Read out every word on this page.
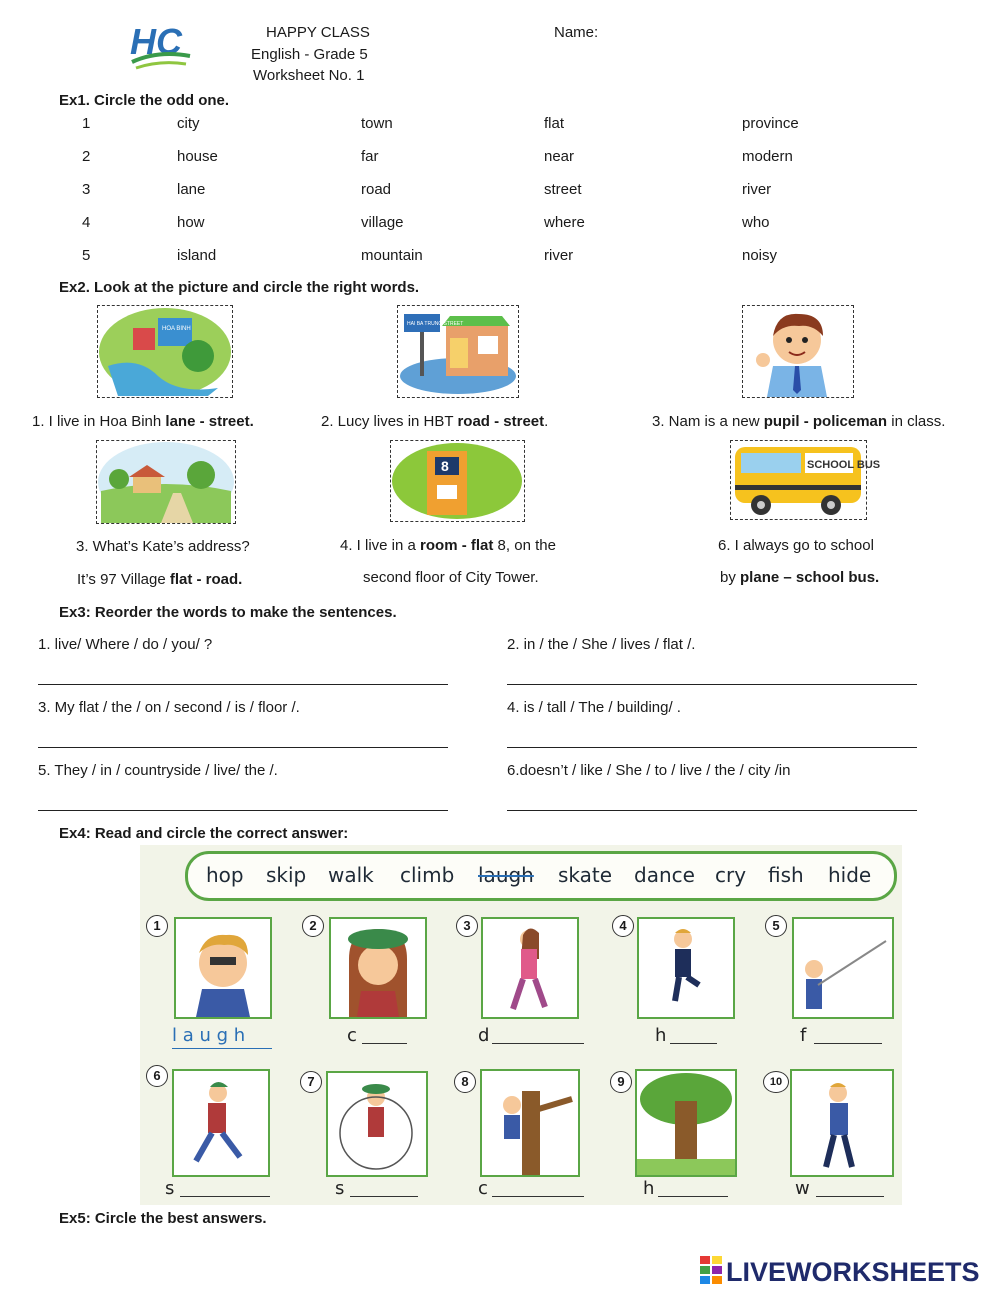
HC	HAPPY CLASS
English - Grade 5
Worksheet No. 1
Name:
Ex1. Circle the odd one.
1	city	town	flat	province
2	house	far	near	modern
3	lane	road	street	river
4	how	village	where	who
5	island	mountain	river	noisy
Ex2. Look at the picture and circle the right words.
HOA BINH
HAI BA TRUNG STREET
1. I live in Hoa Binh lane - street.	2. Lucy lives in HBT road - street.	3. Nam is a new pupil - policeman in class.
8	SCHOOL BUS
3. What’s Kate’s address?
It’s 97 Village flat - road.
4. I live in a room - flat 8, on the
second floor of City Tower.
6. I always go to school
by plane – school bus.
Ex3: Reorder the words to make the sentences.
1. live/ Where / do / you/ ?	2. in / the / She / lives / flat /.
3. My flat / the / on / second / is / floor /.	4. is / tall / The / building/ .
5. They / in / countryside / live/ the /.	6.doesn’t / like / She / to / live / the / city /in
Ex4: Read and circle the correct answer:
hop skip walk climb laugh skate dance cry fish hide
1	2	3	4	5
l a u g h	c	d	h	f
6	7	8	9	10
s	s	c	h	w
Ex5: Circle the best answers.
LIVEWORKSHEETS
